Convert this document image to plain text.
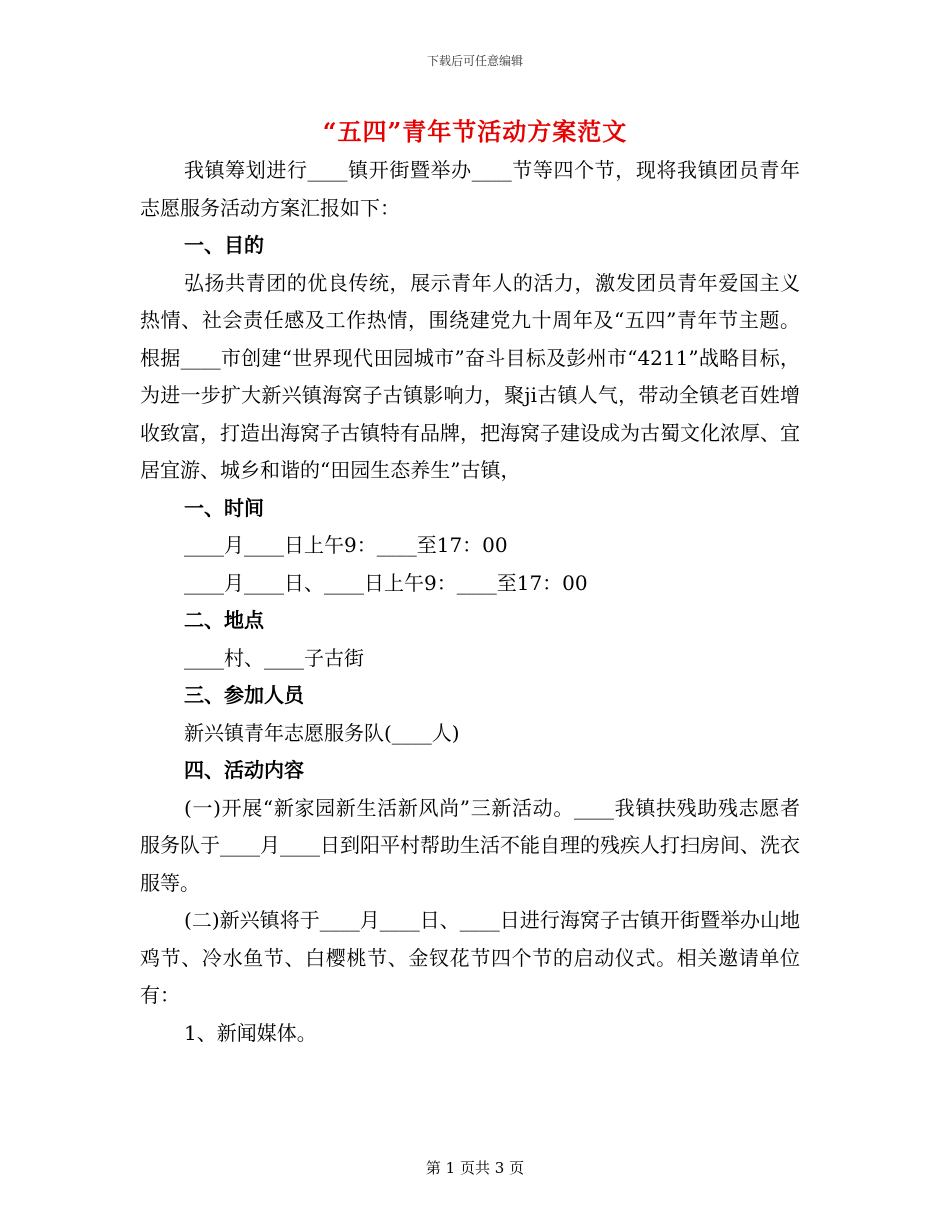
下载后可任意编辑
“五四”青年节活动方案范文

我镇筹划进行____镇开街暨举办____节等四个节，现将我镇团员青年志愿服务活动方案汇报如下：

一、目的

弘扬共青团的优良传统，展示青年人的活力，激发团员青年爱国主义热情、社会责任感及工作热情，围绕建党九十周年及“五四”青年节主题。根据____市创建“世界现代田园城市”奋斗目标及彭州市“4211”战略目标，为进一步扩大新兴镇海窝子古镇影响力，聚ji古镇人气，带动全镇老百姓增收致富，打造出海窝子古镇特有品牌，把海窝子建设成为古蜀文化浓厚、宜居宜游、城乡和谐的“田园生态养生”古镇，

一、时间

____月____日上午9：____至17：00

____月____日、____日上午9：____至17：00

二、地点

____村、____子古街

三、参加人员

新兴镇青年志愿服务队(____人)

四、活动内容

(一)开展“新家园新生活新风尚”三新活动。____我镇扶残助残志愿者服务队于____月____日到阳平村帮助生活不能自理的残疾人打扫房间、洗衣服等。

(二)新兴镇将于____月____日、____日进行海窝子古镇开街暨举办山地鸡节、冷水鱼节、白樱桃节、金钗花节四个节的启动仪式。相关邀请单位有：

1、新闻媒体。

第 1 页共 3 页
